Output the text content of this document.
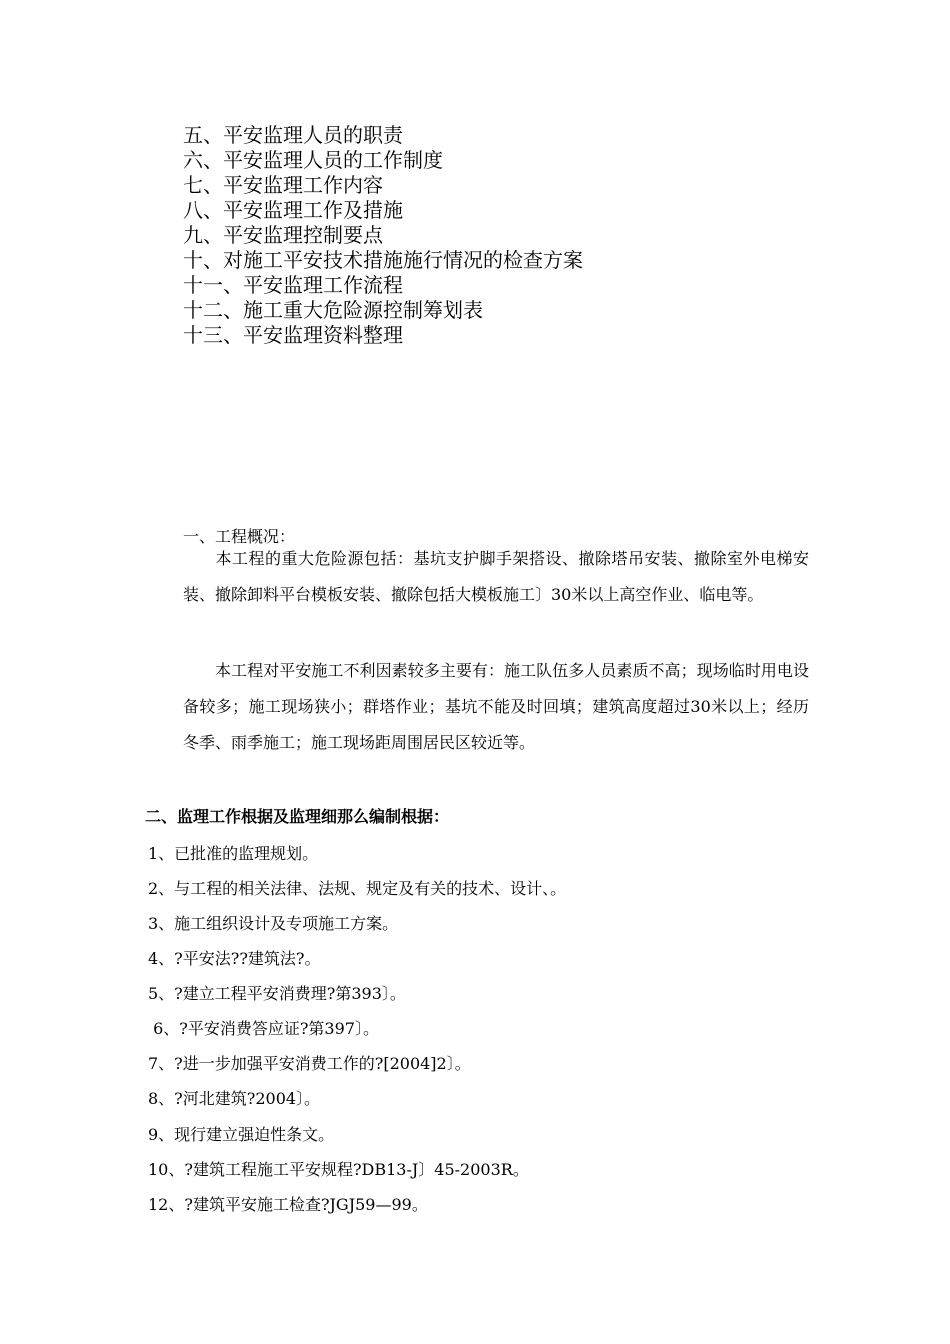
五、平安监理人员的职责
六、平安监理人员的工作制度
七、平安监理工作内容
八、平安监理工作及措施
九、平安监理控制要点
十、对施工平安技术措施施行情况的检查方案
十一、平安监理工作流程
十二、施工重大危险源控制筹划表
十三、平安监理资料整理
一、工程概况：
本工程的重大危险源包括：基坑支护脚手架搭设、撤除塔吊安装、撤除室外电梯安装、撤除卸料平台模板安装、撤除包括大模板施工〕30米以上高空作业、临电等。
本工程对平安施工不利因素较多主要有：施工队伍多人员素质不高；现场临时用电设备较多；施工现场狭小；群塔作业；基坑不能及时回填；建筑高度超过30米以上；经历冬季、雨季施工；施工现场距周围居民区较近等。
二、监理工作根据及监理细那么编制根据：
1、已批准的监理规划。
2、与工程的相关法律、法规、规定及有关的技术、设计、。
3、施工组织设计及专项施工方案。
4、?平安法??建筑法?。
5、?建立工程平安消费理?第393〕。
6、?平安消费答应证?第397〕。
7、?进一步加强平安消费工作的?[2004]2〕。
8、?河北建筑?2004〕。
9、现行建立强迫性条文。
10、?建筑工程施工平安规程?DB13-J〕45-2003R。
12、?建筑平安施工检查?JGJ59—99。
